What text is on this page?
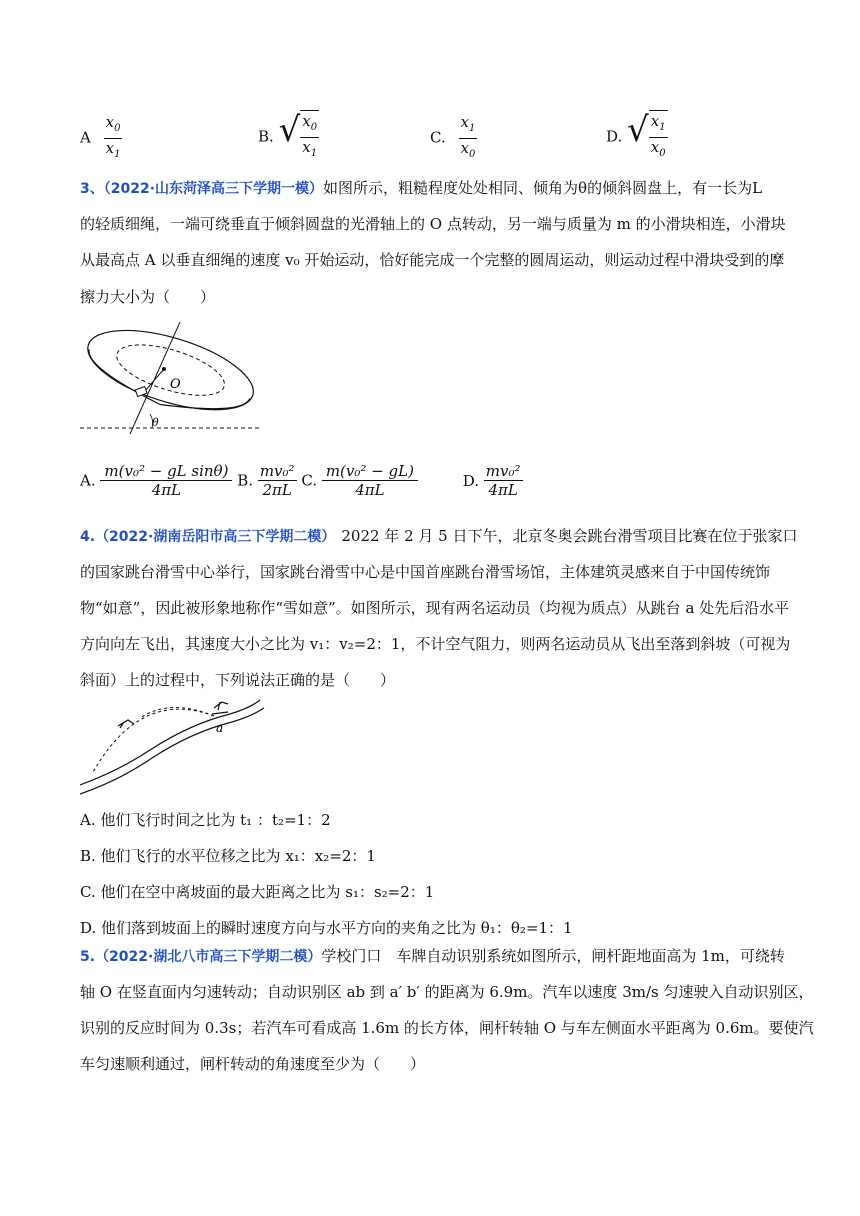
A $\frac{x_0}{x_1}$	B. √ $\frac{x_0}{x_1}$	C. $\frac{x_1}{x_0}$	D. √ $\frac{x_1}{x_0}$
3、（2022·山东菏泽高三下学期一模）如图所示，粗糙程度处处相同、倾角为θ的倾斜圆盘上，有一长为L
的轻质细绳，一端可绕垂直于倾斜圆盘的光滑轴上的 O 点转动，另一端与质量为 m 的小滑块相连，小滑块
从最高点 A 以垂直细绳的速度 v₀ 开始运动，恰好能完成一个完整的圆周运动，则运动过程中滑块受到的摩
擦力大小为（　　）
O
θ
A. $\frac{\text{m(v₀² − gL sinθ)}}{4\pi L} B$. $\frac{\text{mv₀²}}{2\pi L} C$. $\frac{\text{m(v₀² − gL)}}{4\pi L}$	D. $\frac{\text{mv₀²}}{4\pi L}$
4.（2022·湖南岳阳市高三下学期二模） 2022 年 2 月 5 日下午，北京冬奥会跳台滑雪项目比赛在位于张家口
的国家跳台滑雪中心举行，国家跳台滑雪中心是中国首座跳台滑雪场馆，主体建筑灵感来自于中国传统饰
物“如意”，因此被形象地称作“雪如意”。如图所示，现有两名运动员（均视为质点）从跳台 a 处先后沿水平
方向向左飞出，其速度大小之比为 v₁：v₂=2：1，不计空气阻力，则两名运动员从飞出至落到斜坡（可视为
斜面）上的过程中，下列说法正确的是（　　）
a
A. 他们飞行时间之比为 t₁ ：t₂=1：2
B. 他们飞行的水平位移之比为 x₁：x₂=2：1
C. 他们在空中离坡面的最大距离之比为 s₁：s₂=2：1
D. 他们落到坡面上的瞬时速度方向与水平方向的夹角之比为 θ₁：θ₂=1：1
5.（2022·湖北八市高三下学期二模）学校门口　车牌自动识别系统如图所示，闸杆距地面高为 1m，可绕转
轴 O 在竖直面内匀速转动；自动识别区 ab 到 a′ b′ 的距离为 6.9m。汽车以速度 3m/s 匀速驶入自动识别区，
识别的反应时间为 0.3s；若汽车可看成高 1.6m 的长方体，闸杆转轴 O 与车左侧面水平距离为 0.6m。要使汽
车匀速顺利通过，闸杆转动的角速度至少为（　　）
